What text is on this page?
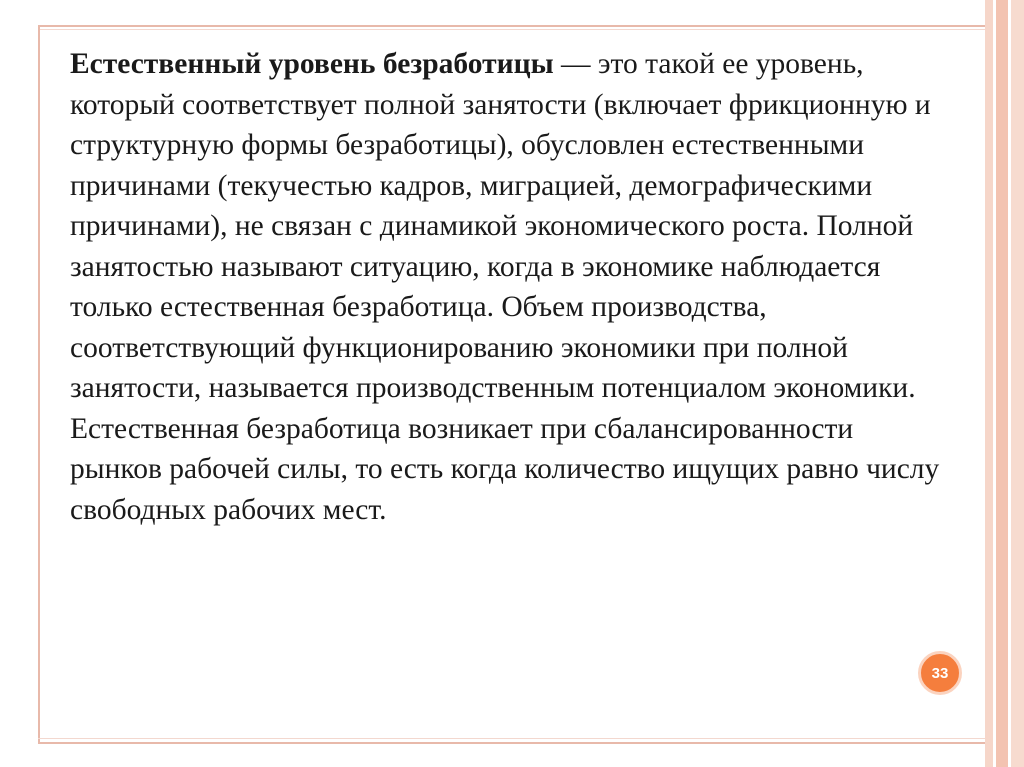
Естественный уровень безработицы — это такой ее уровень, который соответствует полной занятости (включает фрикционную и структурную формы безработицы), обусловлен естественными причинами (текучестью кадров, миграцией, демографическими причинами), не связан с динамикой экономического роста. Полной занятостью называют ситуацию, когда в экономике наблюдается только естественная безработица. Объем производства, соответствующий функционированию экономики при полной занятости, называется производственным потенциалом экономики. Естественная безработица возникает при сбалансированности рынков рабочей силы, то есть когда количество ищущих равно числу свободных рабочих мест.

33
